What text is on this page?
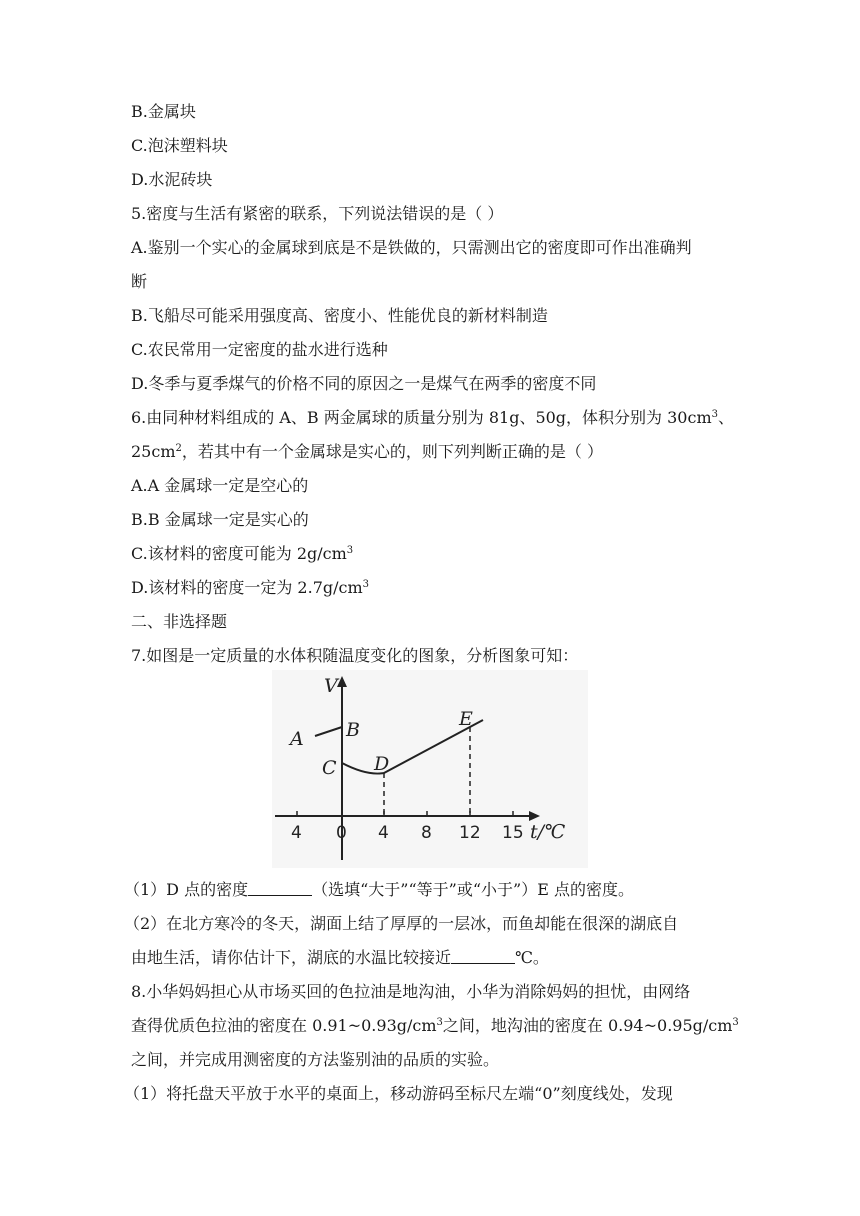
B.金属块
C.泡沫塑料块
D.水泥砖块
5.密度与生活有紧密的联系，下列说法错误的是（ ）
A.鉴别一个实心的金属球到底是不是铁做的，只需测出它的密度即可作出准确判
断
B.飞船尽可能采用强度高、密度小、性能优良的新材料制造
C.农民常用一定密度的盐水进行选种
D.冬季与夏季煤气的价格不同的原因之一是煤气在两季的密度不同
6.由同种材料组成的 A、B 两金属球的质量分别为 81g、50g，体积分别为 $30cm^3$、
$25cm^2$，若其中有一个金属球是实心的，则下列判断正确的是（ ）
A.A 金属球一定是空心的
B.B 金属球一定是实心的
C.该材料的密度可能为 $2g/cm^3$
D.该材料的密度一定为 $2.7g/cm^3$
二、非选择题
7.如图是一定质量的水体积随温度变化的图象，分析图象可知：
V
A B
C D
E
4 0 4 8 12 15 t/℃
（1）D 点的密度	（选填“大于”“等于”或“小于”）E 点的密度。
（2）在北方寒冷的冬天，湖面上结了厚厚的一层冰，而鱼却能在很深的湖底自
由地生活，请你估计下，湖底的水温比较接近	℃。
8.小华妈妈担心从市场买回的色拉油是地沟油，小华为消除妈妈的担忧，由网络
查得优质色拉油的密度在 $0.91\sim 0.93g/cm^3$之间，地沟油的密度在 $0.94\sim 0.95g/cm^3$
之间，并完成用测密度的方法鉴别油的品质的实验。
（1）将托盘天平放于水平的桌面上，移动游码至标尺左端“0”刻度线处，发现
